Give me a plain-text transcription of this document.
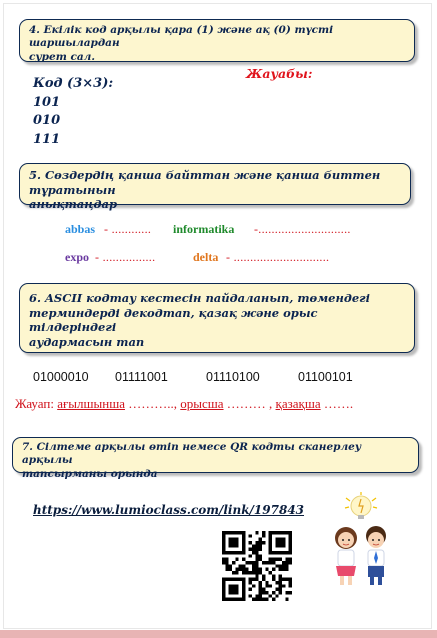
4. Екілік код арқылы қара (1) және ақ (0) түсті шаршылардан
сурет сал.
Код (3×3):
101
010
111
Жауабы:
5. Сөздердің қанша байттан және қанша биттен тұратынын
анықтаңдар
abbas - ............ informatika -............................
expo - ................	delta - .............................
6. ASCII кодтау кестесін пайдаланып, төмендегі
терминдерді декодтап, қазақ және орыс тілдеріндегі
аудармасын тап
01000010 01111001	01110100	01100101
Жауап: ағылшынша ……….., орысша ……… , қазақша …….
7. Сілтеме арқылы өтіп немесе QR кодты сканерлеу арқылы
тапсырманы орында
https://www.lumioclass.com/link/197843
